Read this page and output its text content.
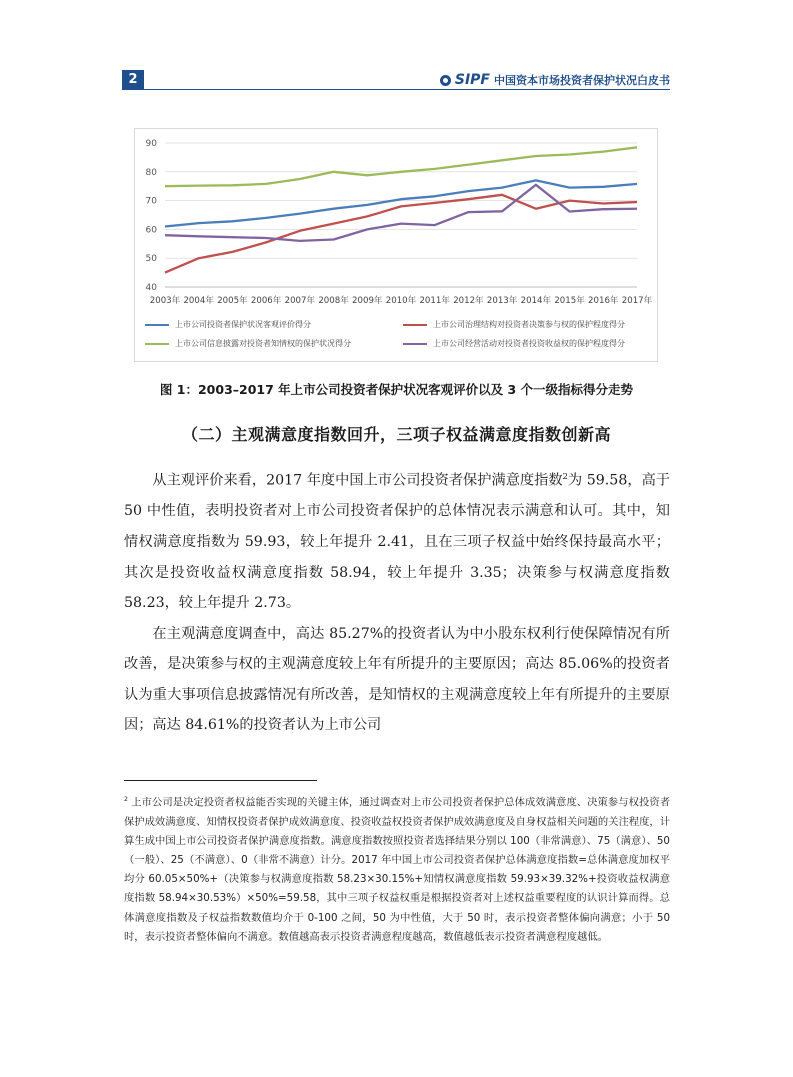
2	SIPF 中国资本市场投资者保护状况白皮书
40
50
60
70
80
90
2003年 2004年 2005年 2006年 2007年 2008年 2009年 2010年 2011年 2012年 2013年 2014年 2015年 2016年 2017年
上市公司投资者保护状况客观评价得分	上市公司治理结构对投资者决策参与权的保护程度得分
上市公司信息披露对投资者知情权的保护状况得分	上市公司经营活动对投资者投资收益权的保护程度得分
图 1：2003–2017 年上市公司投资者保护状况客观评价以及 3 个一级指标得分走势
（二）主观满意度指数回升，三项子权益满意度指数创新高

从主观评价来看，2017 年度中国上市公司投资者保护满意度指数$^2$为 59.58，高于 50 中性值，表明投资者对上市公司投资者保护的总体情况表示满意和认可。其中，知情权满意度指数为 59.93，较上年提升 2.41，且在三项子权益中始终保持最高水平；其次是投资收益权满意度指数 58.94，较上年提升 3.35；决策参与权满意度指数 58.23，较上年提升 2.73。

在主观满意度调查中，高达 85.27%的投资者认为中小股东权利行使保障情况有所改善，是决策参与权的主观满意度较上年有所提升的主要原因；高达 85.06%的投资者认为重大事项信息披露情况有所改善，是知情权的主观满意度较上年有所提升的主要原因；高达 84.61%的投资者认为上市公司

$^2$ 上市公司是决定投资者权益能否实现的关键主体，通过调查对上市公司投资者保护总体成效满意度、决策参与权投资者保护成效满意度、知情权投资者保护成效满意度、投资收益权投资者保护成效满意度及自身权益相关问题的关注程度，计算生成中国上市公司投资者保护满意度指数。满意度指数按照投资者选择结果分别以 100（非常满意）、75（满意）、50（一般）、25（不满意）、0（非常不满意）计分。2017 年中国上市公司投资者保护总体满意度指数=总体满意度加权平均分 60.05×50%+（决策参与权满意度指数 58.23×30.15%+知情权满意度指数 59.93×39.32%+投资收益权满意度指数 58.94×30.53%）×50%=59.58，其中三项子权益权重是根据投资者对上述权益重要程度的认识计算而得。总体满意度指数及子权益指数数值均介于 0-100 之间，50 为中性值，大于 50 时，表示投资者整体偏向满意；小于 50 时，表示投资者整体偏向不满意。数值越高表示投资者满意程度越高，数值越低表示投资者满意程度越低。
